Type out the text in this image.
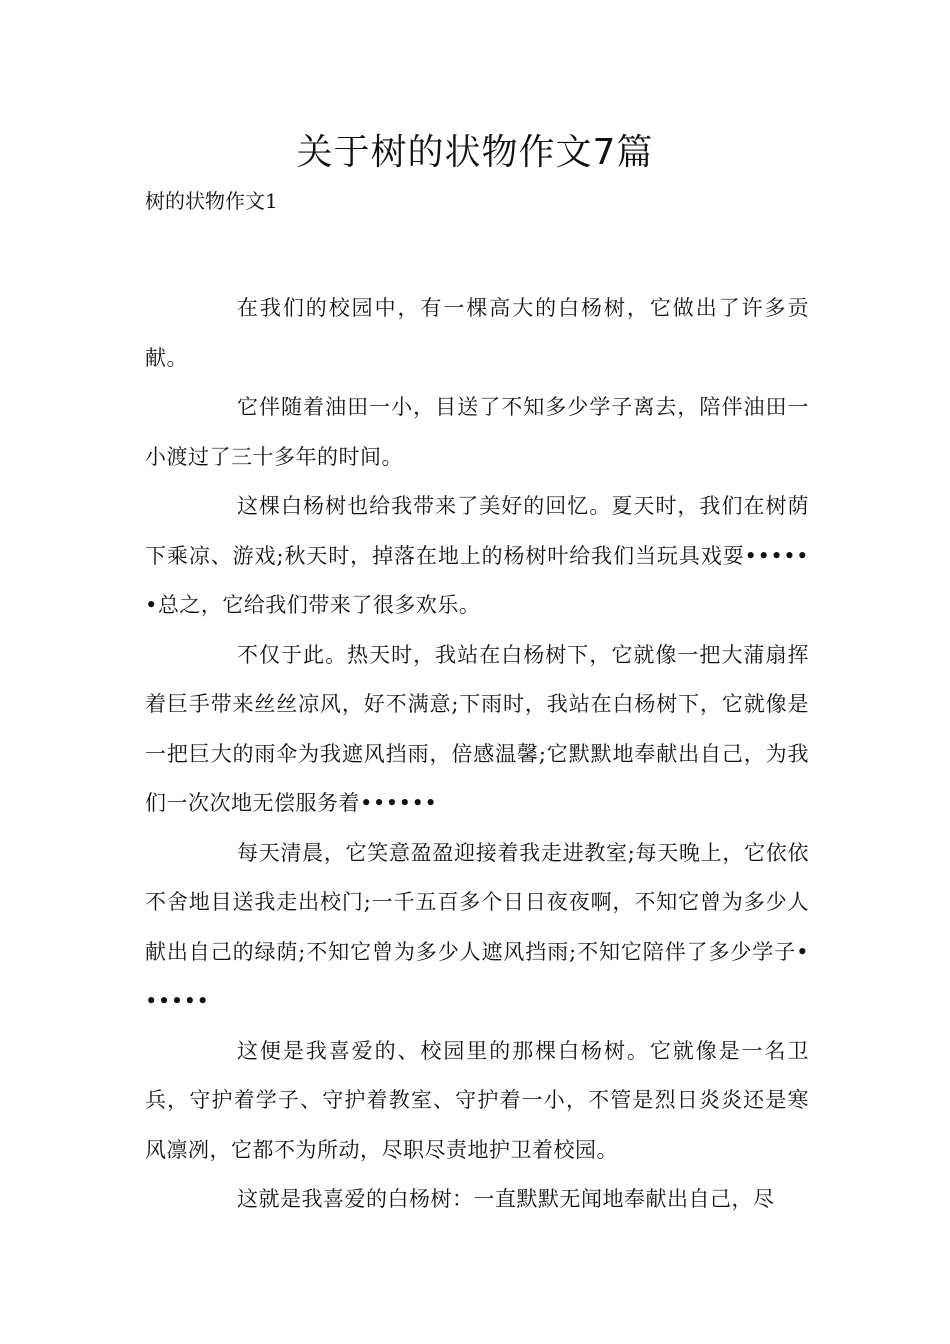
关于树的状物作文7篇
树的状物作文1

在我们的校园中，有一棵高大的白杨树，它做出了许多贡献。

它伴随着油田一小，目送了不知多少学子离去，陪伴油田一小渡过了三十多年的时间。

这棵白杨树也给我带来了美好的回忆。夏天时，我们在树荫下乘凉、游戏;秋天时，掉落在地上的杨树叶给我们当玩具戏耍••••••总之，它给我们带来了很多欢乐。

不仅于此。热天时，我站在白杨树下，它就像一把大蒲扇挥着巨手带来丝丝凉风，好不满意;下雨时，我站在白杨树下，它就像是一把巨大的雨伞为我遮风挡雨，倍感温馨;它默默地奉献出自己，为我们一次次地无偿服务着••••••

每天清晨，它笑意盈盈迎接着我走进教室;每天晚上，它依依不舍地目送我走出校门;一千五百多个日日夜夜啊，不知它曾为多少人献出自己的绿荫;不知它曾为多少人遮风挡雨;不知它陪伴了多少学子••••••

这便是我喜爱的、校园里的那棵白杨树。它就像是一名卫兵，守护着学子、守护着教室、守护着一小，不管是烈日炎炎还是寒风凛冽，它都不为所动，尽职尽责地护卫着校园。

这就是我喜爱的白杨树：一直默默无闻地奉献出自己，尽
